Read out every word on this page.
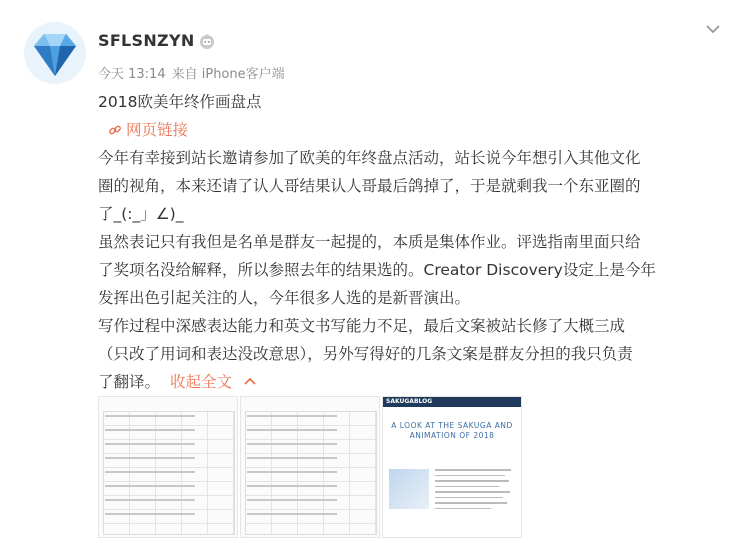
SFLSNZYN
今天 13:14 来自 iPhone客户端
2018欧美年终作画盘点
网页链接
今年有幸接到站长邀请参加了欧美的年终盘点活动，站长说今年想引入其他文化
圈的视角，本来还请了认人哥结果认人哥最后鸽掉了，于是就剩我一个东亚圈的
了_(:_」∠)_
虽然表记只有我但是名单是群友一起提的，本质是集体作业。评选指南里面只给
了奖项名没给解释，所以参照去年的结果选的。Creator Discovery设定上是今年
发挥出色引起关注的人，今年很多人选的是新晋演出。
写作过程中深感表达能力和英文书写能力不足，最后文案被站长修了大概三成
（只改了用词和表达没改意思），另外写得好的几条文案是群友分担的我只负责
了翻译。 收起全文
SAKUGABLOG
A LOOK AT THE SAKUGA AND
ANIMATION OF 2018
